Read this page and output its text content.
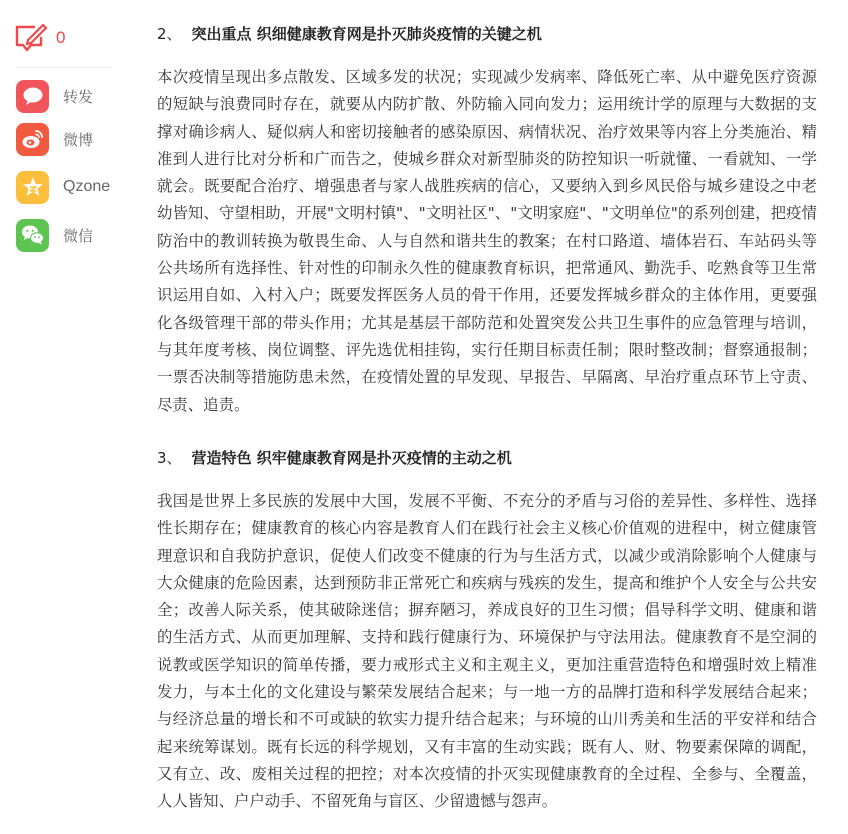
0
转发
微博
Qzone
微信
2、 突出重点 织细健康教育网是扑灭肺炎疫情的关键之机

本次疫情呈现出多点散发、区域多发的状况；实现减少发病率、降低死亡率、从中避免医疗资源的短缺与浪费同时存在，就要从内防扩散、外防输入同向发力；运用统计学的原理与大数据的支撑对确诊病人、疑似病人和密切接触者的感染原因、病情状况、治疗效果等内容上分类施治、精准到人进行比对分析和广而告之，使城乡群众对新型肺炎的防控知识一听就懂、一看就知、一学就会。既要配合治疗、增强患者与家人战胜疾病的信心，又要纳入到乡风民俗与城乡建设之中老幼皆知、守望相助，开展"文明村镇"、"文明社区"、"文明家庭"、"文明单位"的系列创建，把疫情防治中的教训转换为敬畏生命、人与自然和谐共生的教案；在村口路道、墙体岩石、车站码头等公共场所有选择性、针对性的印制永久性的健康教育标识，把常通风、勤洗手、吃熟食等卫生常识运用自如、入村入户；既要发挥医务人员的骨干作用，还要发挥城乡群众的主体作用，更要强化各级管理干部的带头作用；尤其是基层干部防范和处置突发公共卫生事件的应急管理与培训，与其年度考核、岗位调整、评先选优相挂钩，实行任期目标责任制；限时整改制；督察通报制；一票否决制等措施防患未然，在疫情处置的早发现、早报告、早隔离、早治疗重点环节上守责、尽责、追责。

3、 营造特色 织牢健康教育网是扑灭疫情的主动之机

我国是世界上多民族的发展中大国，发展不平衡、不充分的矛盾与习俗的差异性、多样性、选择性长期存在；健康教育的核心内容是教育人们在践行社会主义核心价值观的进程中，树立健康管理意识和自我防护意识，促使人们改变不健康的行为与生活方式，以减少或消除影响个人健康与大众健康的危险因素，达到预防非正常死亡和疾病与残疾的发生，提高和维护个人安全与公共安全；改善人际关系，使其破除迷信；摒弃陋习，养成良好的卫生习惯；倡导科学文明、健康和谐的生活方式、从而更加理解、支持和践行健康行为、环境保护与守法用法。健康教育不是空洞的说教或医学知识的简单传播，要力戒形式主义和主观主义，更加注重营造特色和增强时效上精准发力，与本土化的文化建设与繁荣发展结合起来；与一地一方的品牌打造和科学发展结合起来；与经济总量的增长和不可或缺的软实力提升结合起来；与环境的山川秀美和生活的平安祥和结合起来统筹谋划。既有长远的科学规划，又有丰富的生动实践；既有人、财、物要素保障的调配，又有立、改、废相关过程的把控；对本次疫情的扑灭实现健康教育的全过程、全参与、全覆盖，人人皆知、户户动手、不留死角与盲区、少留遗憾与怨声。
